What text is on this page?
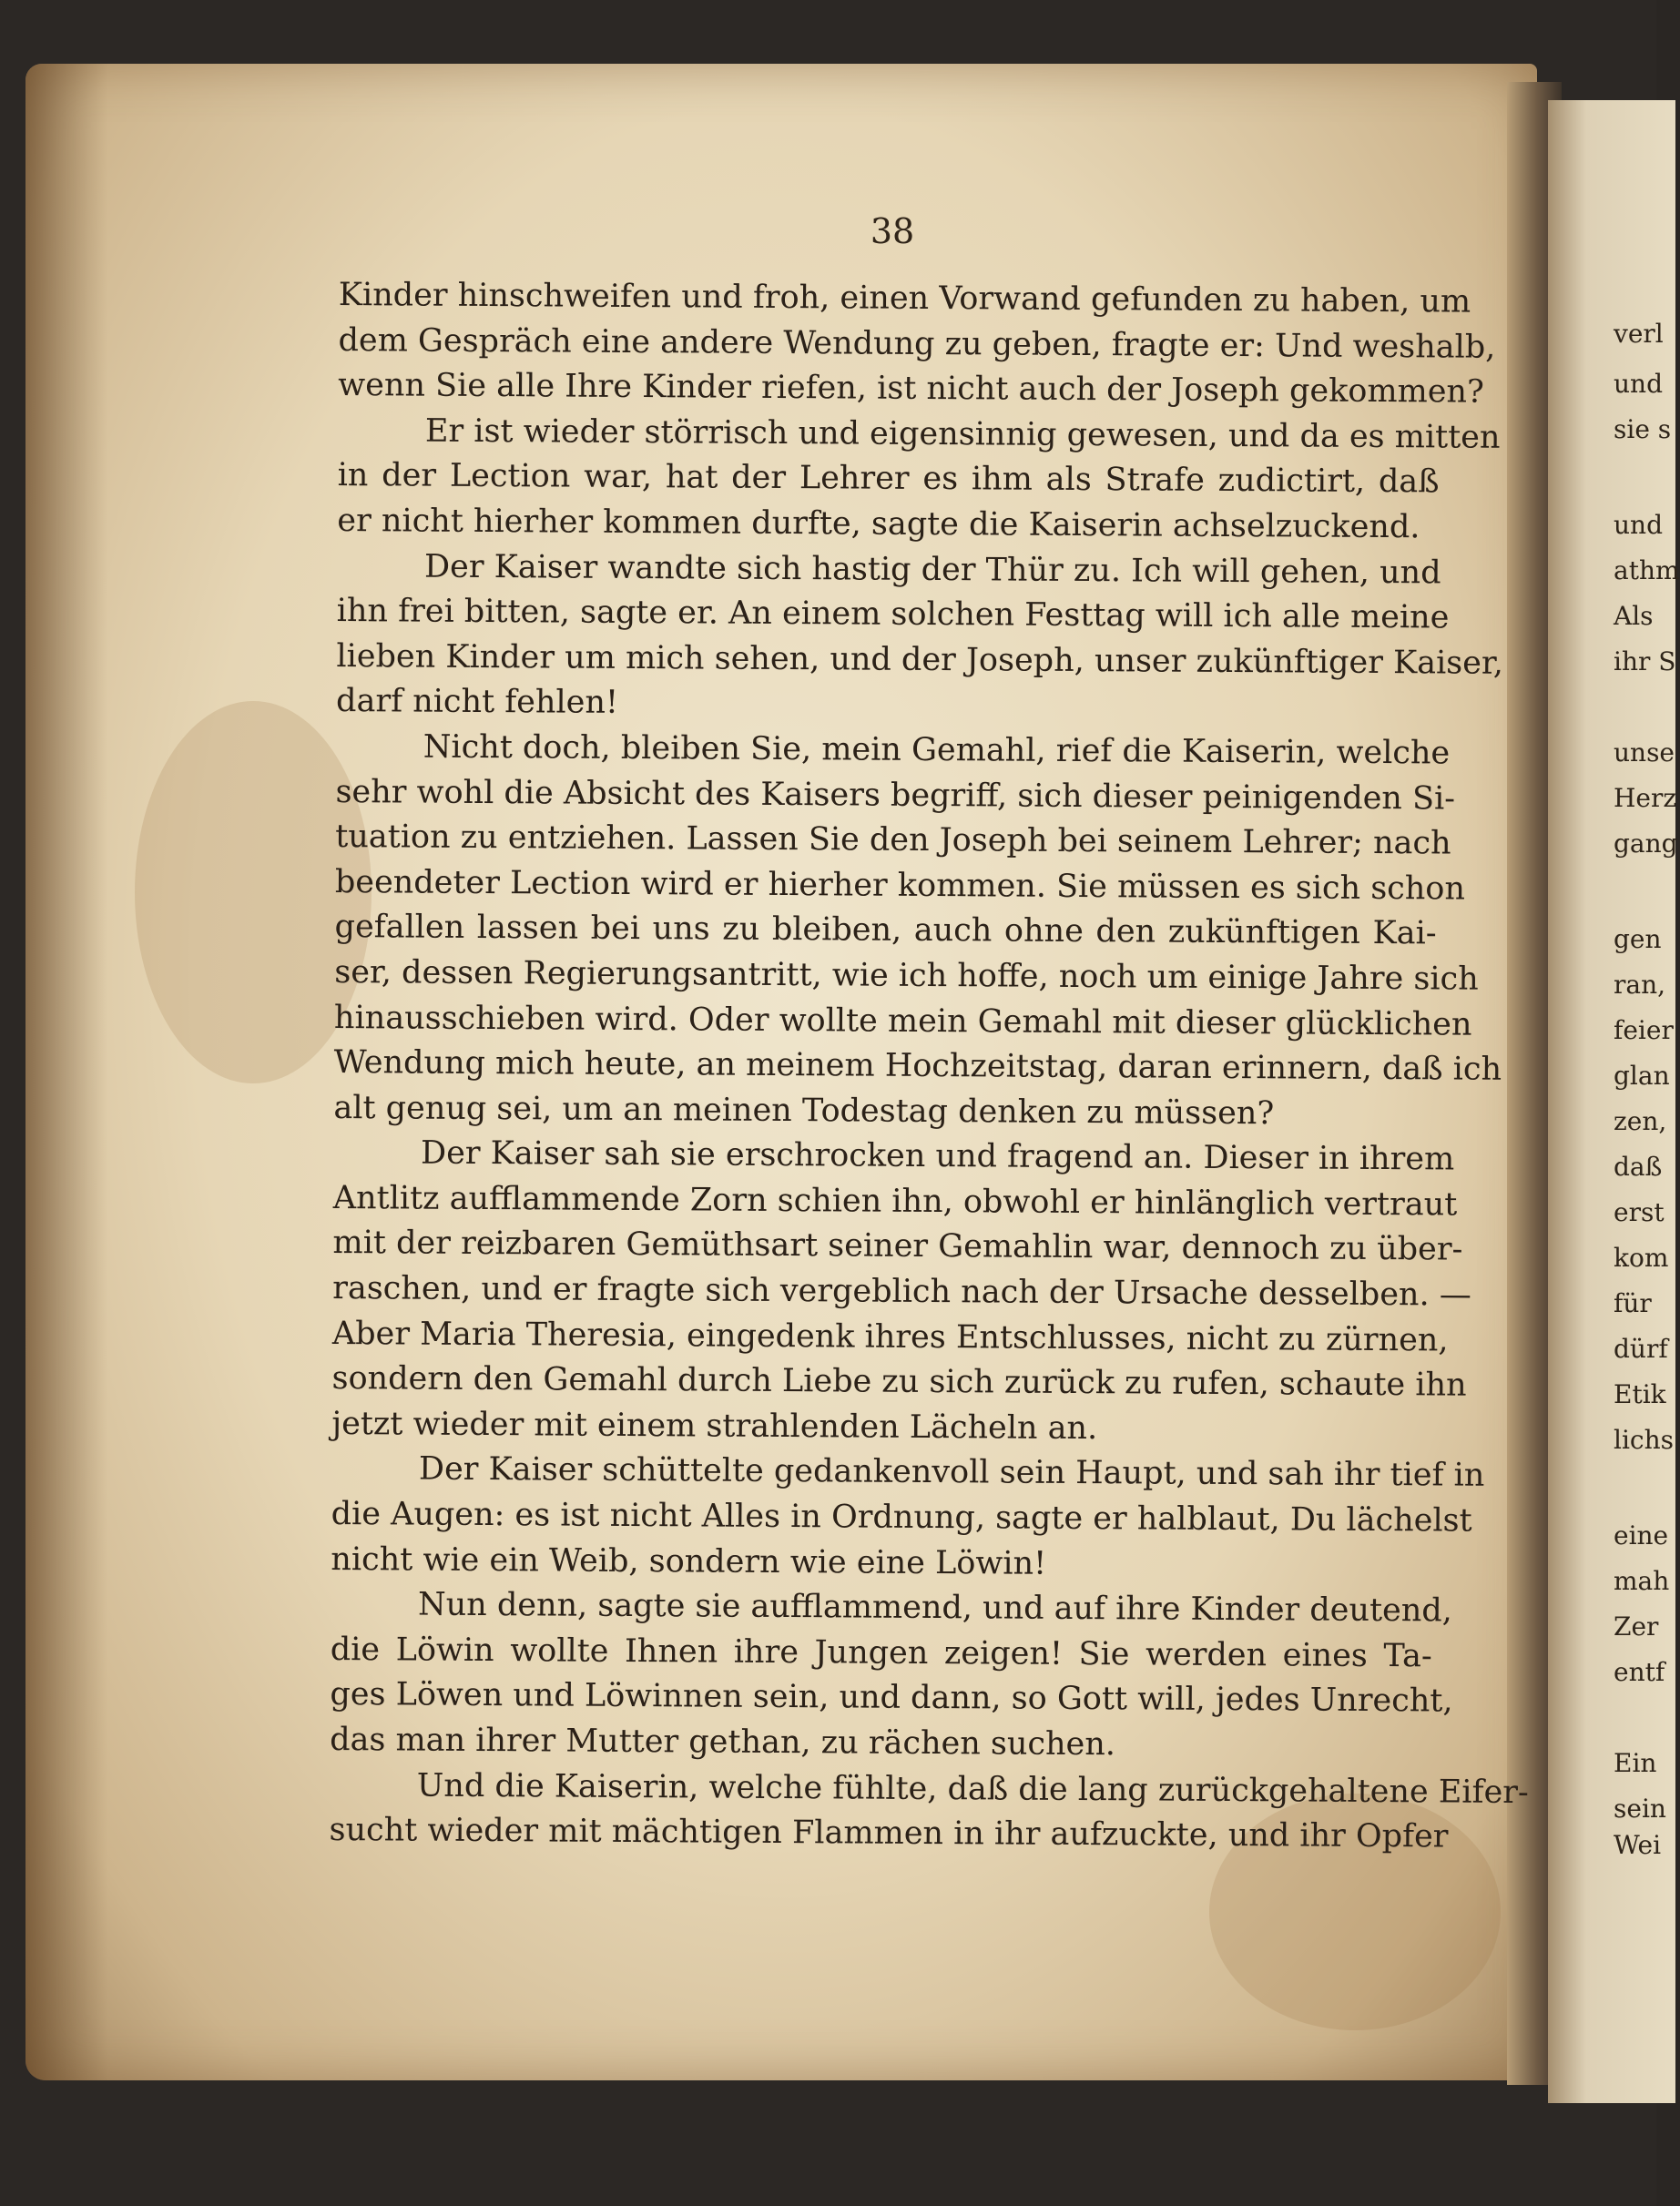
38
Kinder hinschweifen und froh, einen Vorwand gefunden zu haben, um
dem Gespräch eine andere Wendung zu geben, fragte er: Und weshalb,
wenn Sie alle Ihre Kinder riefen, ist nicht auch der Joseph gekommen?
Er ist wieder störrisch und eigensinnig gewesen, und da es mitten
in der Lection war, hat der Lehrer es ihm als Strafe zudictirt, daß
er nicht hierher kommen durfte, sagte die Kaiserin achselzuckend.
Der Kaiser wandte sich hastig der Thür zu. Ich will gehen, und
ihn frei bitten, sagte er. An einem solchen Festtag will ich alle meine
lieben Kinder um mich sehen, und der Joseph, unser zukünftiger Kaiser,
darf nicht fehlen!
Nicht doch, bleiben Sie, mein Gemahl, rief die Kaiserin, welche
sehr wohl die Absicht des Kaisers begriff, sich dieser peinigenden Si-
tuation zu entziehen. Lassen Sie den Joseph bei seinem Lehrer; nach
beendeter Lection wird er hierher kommen. Sie müssen es sich schon
gefallen lassen bei uns zu bleiben, auch ohne den zukünftigen Kai-
ser, dessen Regierungsantritt, wie ich hoffe, noch um einige Jahre sich
hinausschieben wird. Oder wollte mein Gemahl mit dieser glücklichen
Wendung mich heute, an meinem Hochzeitstag, daran erinnern, daß ich
alt genug sei, um an meinen Todestag denken zu müssen?
Der Kaiser sah sie erschrocken und fragend an. Dieser in ihrem
Antlitz aufflammende Zorn schien ihn, obwohl er hinlänglich vertraut
mit der reizbaren Gemüthsart seiner Gemahlin war, dennoch zu über-
raschen, und er fragte sich vergeblich nach der Ursache desselben. —
Aber Maria Theresia, eingedenk ihres Entschlusses, nicht zu zürnen,
sondern den Gemahl durch Liebe zu sich zurück zu rufen, schaute ihn
jetzt wieder mit einem strahlenden Lächeln an.
Der Kaiser schüttelte gedankenvoll sein Haupt, und sah ihr tief in
die Augen: es ist nicht Alles in Ordnung, sagte er halblaut, Du lächelst
nicht wie ein Weib, sondern wie eine Löwin!
Nun denn, sagte sie aufflammend, und auf ihre Kinder deutend,
die Löwin wollte Ihnen ihre Jungen zeigen! Sie werden eines Ta-
ges Löwen und Löwinnen sein, und dann, so Gott will, jedes Unrecht,
das man ihrer Mutter gethan, zu rächen suchen.
Und die Kaiserin, welche fühlte, daß die lang zurückgehaltene Eifer-
sucht wieder mit mächtigen Flammen in ihr aufzuckte, und ihr Opfer
verl
und
sie s
und
athm
Als
ihr S
unse
Herz
gang
gen
ran,
feier
glan
zen,
daß
erst
kom
für
dürf
Etik
lichs
eine
mah
Zer
entf
Ein
sein
Wei
